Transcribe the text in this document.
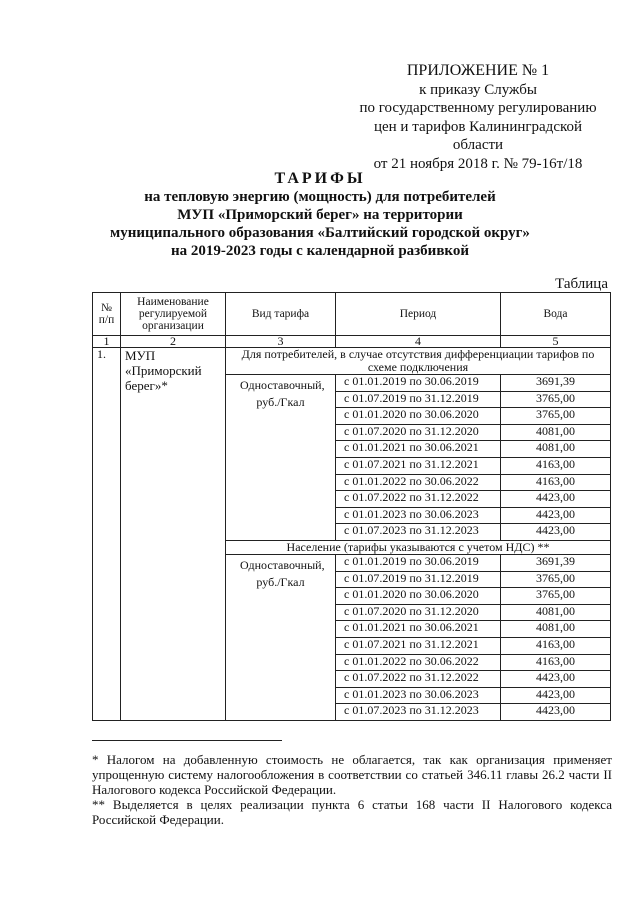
ПРИЛОЖЕНИЕ № 1
к приказу Службы
по государственному регулированию
цен и тарифов Калининградской области
от 21 ноября 2018 г. № 79-16т/18
ТАРИФЫ
на тепловую энергию (мощность) для потребителей
МУП «Приморский берег» на территории
муниципального образования «Балтийский городской округ»
на 2019-2023 годы с календарной разбивкой
Таблица
№ п/п	Наименование регулируемой организации	Вид тарифа	Период	Вода
1	2	3	4	5
1.	МУП «Приморский берег»*	Для потребителей, в случае отсутствия дифференциации тарифов по схеме подключения		
		Одноставочный, руб./Гкал	с 01.01.2019 по 30.06.2019	3691,39
			с 01.07.2019 по 31.12.2019	3765,00
			с 01.01.2020 по 30.06.2020	3765,00
			с 01.07.2020 по 31.12.2020	4081,00
			с 01.01.2021 по 30.06.2021	4081,00
			с 01.07.2021 по 31.12.2021	4163,00
			с 01.01.2022 по 30.06.2022	4163,00
			с 01.07.2022 по 31.12.2022	4423,00
			с 01.01.2023 по 30.06.2023	4423,00
			с 01.07.2023 по 31.12.2023	4423,00
		Население (тарифы указываются с учетом НДС) **		
		Одноставочный, руб./Гкал	с 01.01.2019 по 30.06.2019	3691,39
			с 01.07.2019 по 31.12.2019	3765,00
			с 01.01.2020 по 30.06.2020	3765,00
			с 01.07.2020 по 31.12.2020	4081,00
			с 01.01.2021 по 30.06.2021	4081,00
			с 01.07.2021 по 31.12.2021	4163,00
			с 01.01.2022 по 30.06.2022	4163,00
			с 01.07.2022 по 31.12.2022	4423,00
			с 01.01.2023 по 30.06.2023	4423,00
			с 01.07.2023 по 31.12.2023	4423,00
* Налогом на добавленную стоимость не облагается, так как организация применяет упрощенную систему налогообложения в соответствии со статьей 346.11 главы 26.2 части II Налогового кодекса Российской Федерации.
** Выделяется в целях реализации пункта 6 статьи 168 части II Налогового кодекса Российской Федерации.
